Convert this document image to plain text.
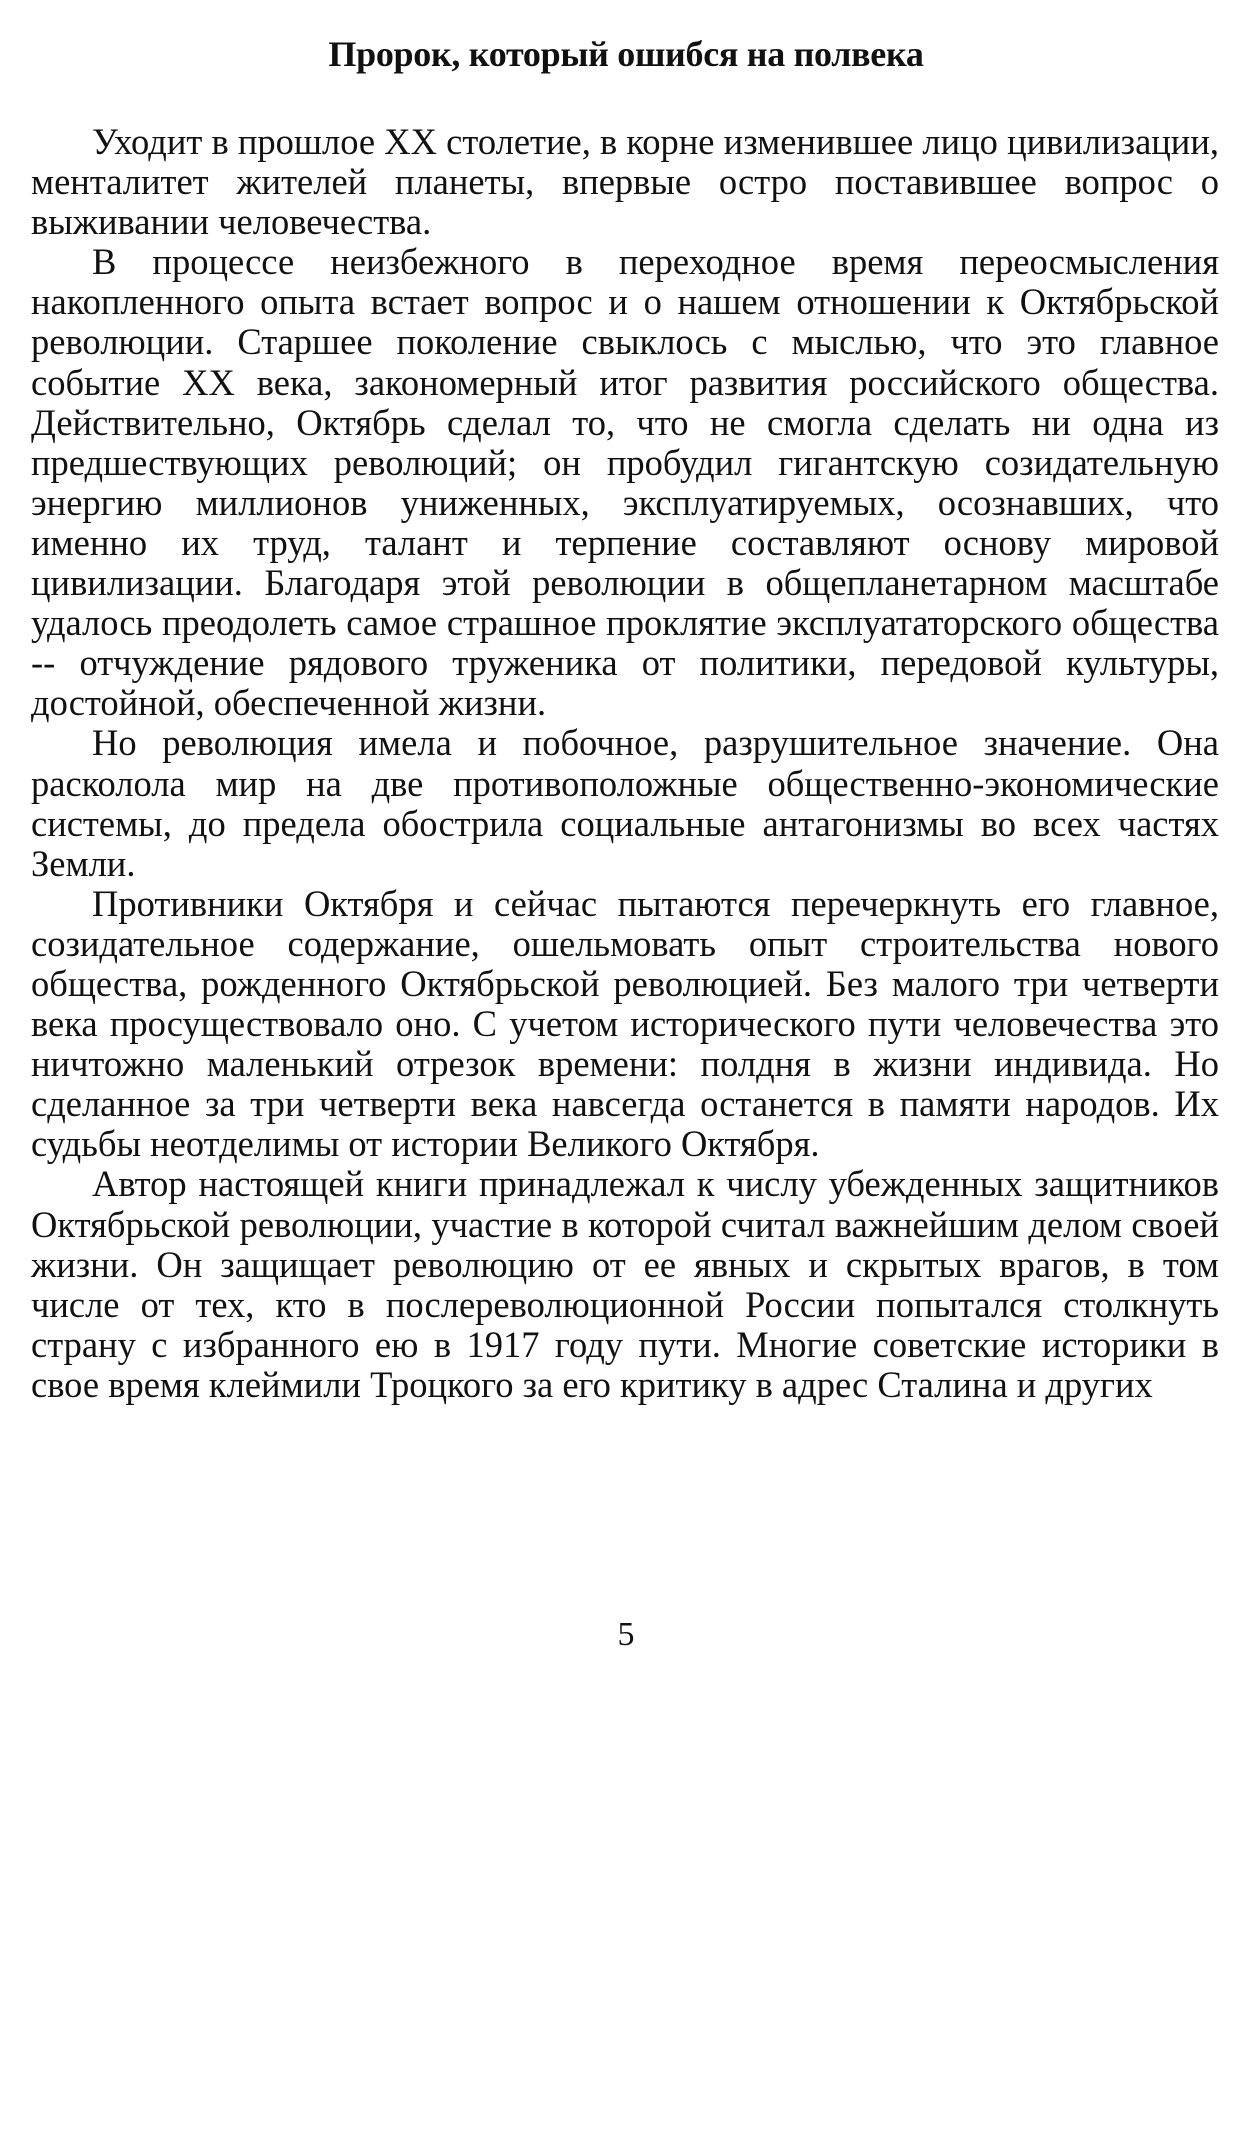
Пророк, который ошибся на полвека

Уходит в прошлое XX столетие, в корне изменившее лицо цивилизации, менталитет жителей планеты, впервые остро поставившее вопрос о выживании человечества.

В процессе неизбежного в переходное время переосмысления накопленного опыта встает вопрос и о нашем отношении к Октябрьской революции. Старшее поколение свыклось с мыслью, что это главное событие XX века, закономерный итог развития российского общества. Действительно, Октябрь сделал то, что не смогла сделать ни одна из предшествующих революций; он пробудил гигантскую созидательную энергию миллионов униженных, эксплуатируемых, осознавших, что именно их труд, талант и терпение составляют основу мировой цивилизации. Благодаря этой революции в общепланетарном масштабе удалось преодолеть самое страшное проклятие эксплуататорского общества -- отчуждение рядового труженика от политики, передовой культуры, достойной, обеспеченной жизни.

Но революция имела и побочное, разрушительное значение. Она расколола мир на две противоположные общественно-экономические системы, до предела обострила социальные антагонизмы во всех частях Земли.

Противники Октября и сейчас пытаются перечеркнуть его главное, созидательное содержание, ошельмовать опыт строительства нового общества, рожденного Октябрьской революцией. Без малого три четверти века просуществовало оно. С учетом исторического пути человечества это ничтожно маленький отрезок времени: полдня в жизни индивида. Но сделанное за три четверти века навсегда останется в памяти народов. Их судьбы неотделимы от истории Великого Октября.

Автор настоящей книги принадлежал к числу убежденных защитников Октябрьской революции, участие в которой считал важнейшим делом своей жизни. Он защищает революцию от ее явных и скрытых врагов, в том числе от тех, кто в послереволюционной России попытался столкнуть страну с избранного ею в 1917 году пути. Многие советские историки в свое время клеймили Троцкого за его критику в адрес Сталина и других

5
